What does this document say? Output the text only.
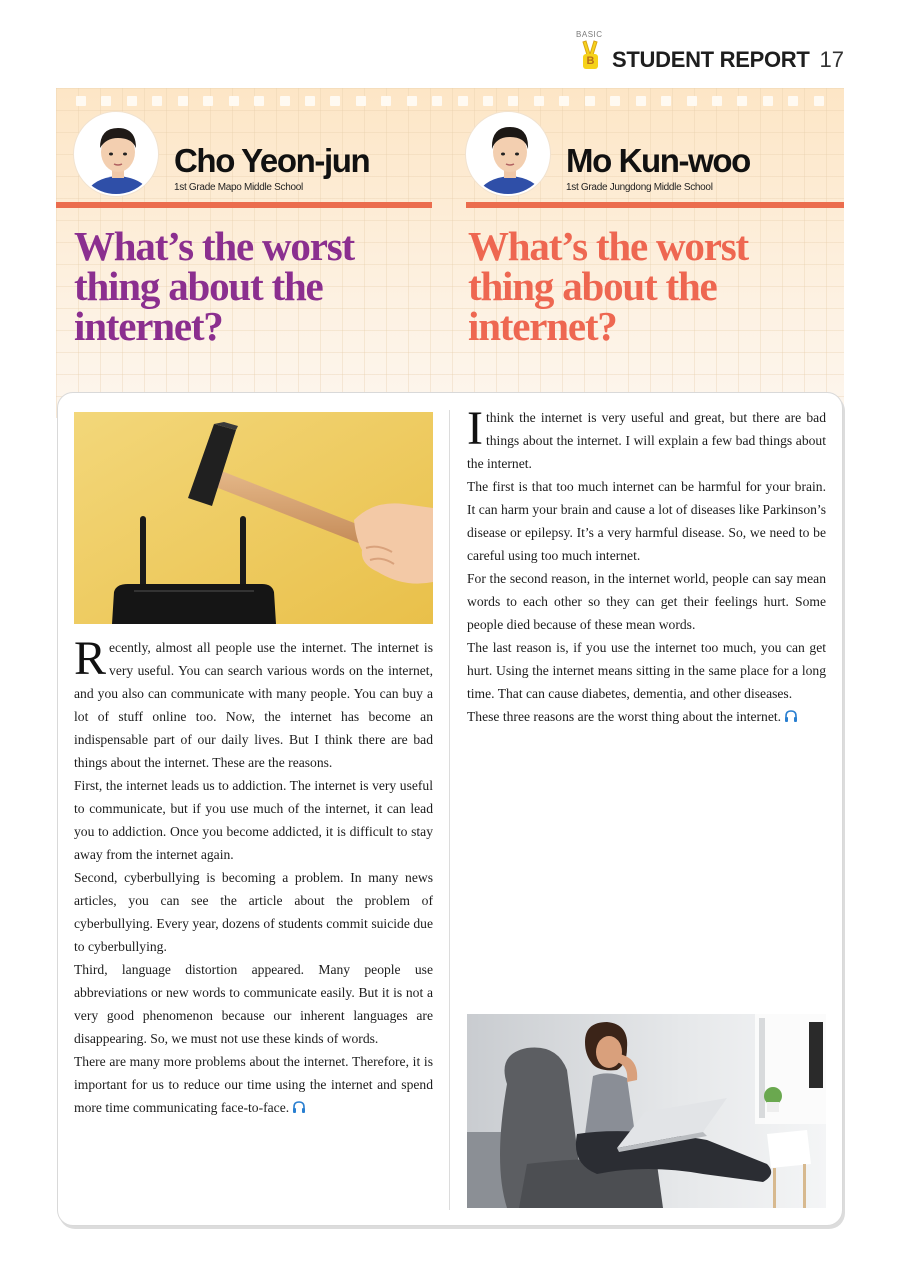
BASIC
B STUDENT REPORT 17
Cho Yeon-jun
1st Grade Mapo Middle School
Mo Kun-woo
1st Grade Jungdong Middle School
What’s the worst thing about the internet?
What’s the worst thing about the internet?

Recently, almost all people use the internet. The internet is very useful. You can search various words on the internet, and you also can communicate with many people. You can buy a lot of stuff online too. Now, the internet has become an indispensable part of our daily lives. But I think there are bad things about the internet. These are the reasons.

First, the internet leads us to addiction. The internet is very useful to communicate, but if you use much of the internet, it can lead you to addiction. Once you become addicted, it is difficult to stay away from the internet again.

Second, cyberbullying is becoming a problem. In many news articles, you can see the article about the problem of cyberbullying. Every year, dozens of students commit suicide due to cyberbullying.

Third, language distortion appeared. Many people use abbreviations or new words to communicate easily. But it is not a very good phenomenon because our inherent languages are disappearing. So, we must not use these kinds of words.

There are many more problems about the internet. Therefore, it is important for us to reduce our time using the internet and spend more time communicating face-to-face.

Ithink the internet is very useful and great, but there are bad things about the internet. I will explain a few bad things about the internet.

The first is that too much internet can be harmful for your brain. It can harm your brain and cause a lot of diseases like Parkinson’s disease or epilepsy. It’s a very harmful disease. So, we need to be careful using too much internet.

For the second reason, in the internet world, people can say mean words to each other so they can get their feelings hurt. Some people died because of these mean words.

The last reason is, if you use the internet too much, you can get hurt. Using the internet means sitting in the same place for a long time. That can cause diabetes, dementia, and other diseases.

These three reasons are the worst thing about the internet.
